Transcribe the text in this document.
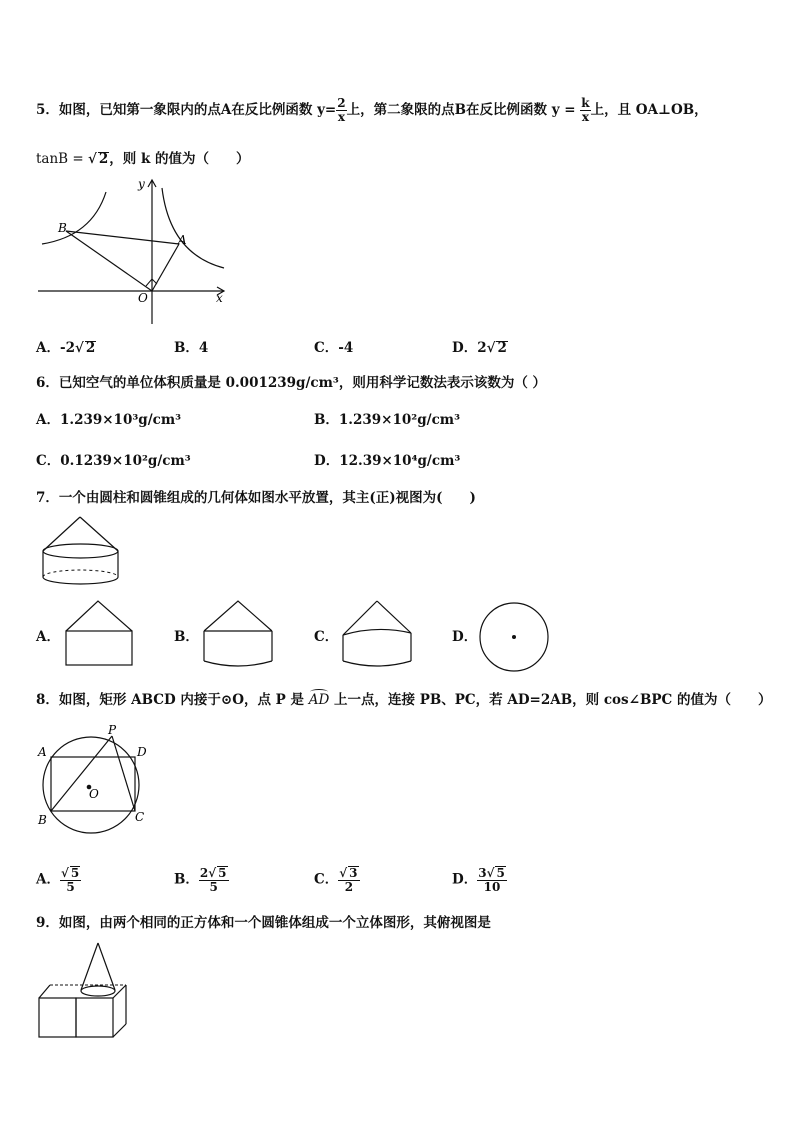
5．如图，已知第一象限内的点A在反比例函数 $y= \frac{2}{x}$ 上，第二象限的点B在反比例函数 $y = \frac{k}{x}$ 上，且 OA⊥OB，
tanB = √ 2，则 k 的值为（　　）
y
x
B
A
O
A．-2√ 2	B．4	C．-4	D．2√ 2
6．已知空气的单位体积质量是 0.001239g/cm³，则用科学记数法表示该数为（ ）
A．1.239×10³g/cm³	B．1.239×10²g/cm³
C．0.1239×10²g/cm³	D．12.39×10⁴g/cm³
7．一个由圆柱和圆锥组成的几何体如图水平放置，其主(正)视图为(　　)
A．	B．	C．	D．
8．如图，矩形 ABCD 内接于⊙O，点 P 是 AD 上一点，连接 PB、PC，若 AD=2AB，则 cos∠BPC 的值为（　　）
P
A	D
O
B	C
A． $\frac{√ 5}{5}$	B． $\frac{2√ 5}{5}$	C． $\frac{√ 3}{2}$	D． $\frac{3√ 5}{10}$
9．如图，由两个相同的正方体和一个圆锥体组成一个立体图形，其俯视图是
